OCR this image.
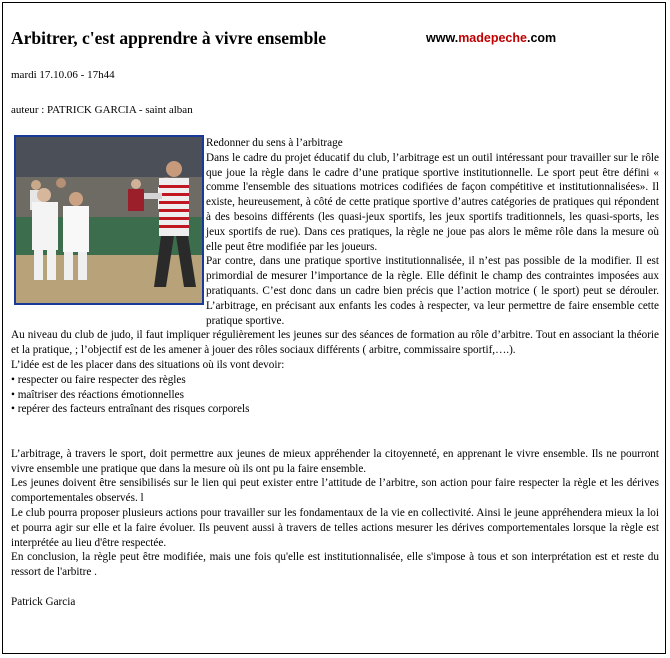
Arbitrer, c'est apprendre à vivre ensemble	www.madepeche.com
mardi 17.10.06 - 17h44
auteur : PATRICK GARCIA - saint alban

Redonner du sens à l’arbitrage

Dans le cadre du projet éducatif du club, l’arbitrage est un outil intéressant pour travailler sur le rôle que joue la règle dans le cadre d’une pratique sportive institutionnelle. Le sport peut être défini « comme l'ensemble des situations motrices codifiées de façon compétitive et institutionnalisées». Il existe, heureusement, à côté de cette pratique sportive d’autres catégories de pratiques qui répondent à des besoins différents (les quasi-jeux sportifs, les jeux sportifs traditionnels, les quasi-sports, les jeux sportifs de rue). Dans ces pratiques, la règle ne joue pas alors le même rôle dans la mesure où elle peut être modifiée par les joueurs.

Par contre, dans une pratique sportive institutionnalisée, il n’est pas possible de la modifier. Il est primordial de mesurer l’importance de la règle. Elle définit le champ des contraintes imposées aux pratiquants. C’est donc dans un cadre bien précis que l’action motrice ( le sport) peut se dérouler. L’arbitrage, en précisant aux enfants les codes à respecter, va leur permettre de faire ensemble cette pratique sportive.

Au niveau du club de judo, il faut impliquer régulièrement les jeunes sur des séances de formation au rôle d’arbitre. Tout en associant la théorie et la pratique, ; l’objectif est de les amener à jouer des rôles sociaux différents ( arbitre, commissaire sportif,….).

L’idée est de les placer dans des situations où ils vont devoir:

• respecter ou faire respecter des règles

• maîtriser des réactions émotionnelles

• repérer des facteurs entraînant des risques corporels

L’arbitrage, à travers le sport, doit permettre aux jeunes de mieux appréhender la citoyenneté, en apprenant le vivre ensemble. Ils ne pourront vivre ensemble une pratique que dans la mesure où ils ont pu la faire ensemble.

Les jeunes doivent être sensibilisés sur le lien qui peut exister entre l’attitude de l’arbitre, son action pour faire respecter la règle et les dérives comportementales observés. l

Le club pourra proposer plusieurs actions pour travailler sur les fondamentaux de la vie en collectivité. Ainsi le jeune appréhendera mieux la loi et pourra agir sur elle et la faire évoluer. Ils peuvent aussi à travers de telles actions mesurer les dérives comportementales lorsque la règle est interprétée au lieu d'être respectée.

En conclusion, la règle peut être modifiée, mais une fois qu'elle est institutionnalisée, elle s'impose à tous et son interprétation est et reste du ressort de l'arbitre .

Patrick Garcia
